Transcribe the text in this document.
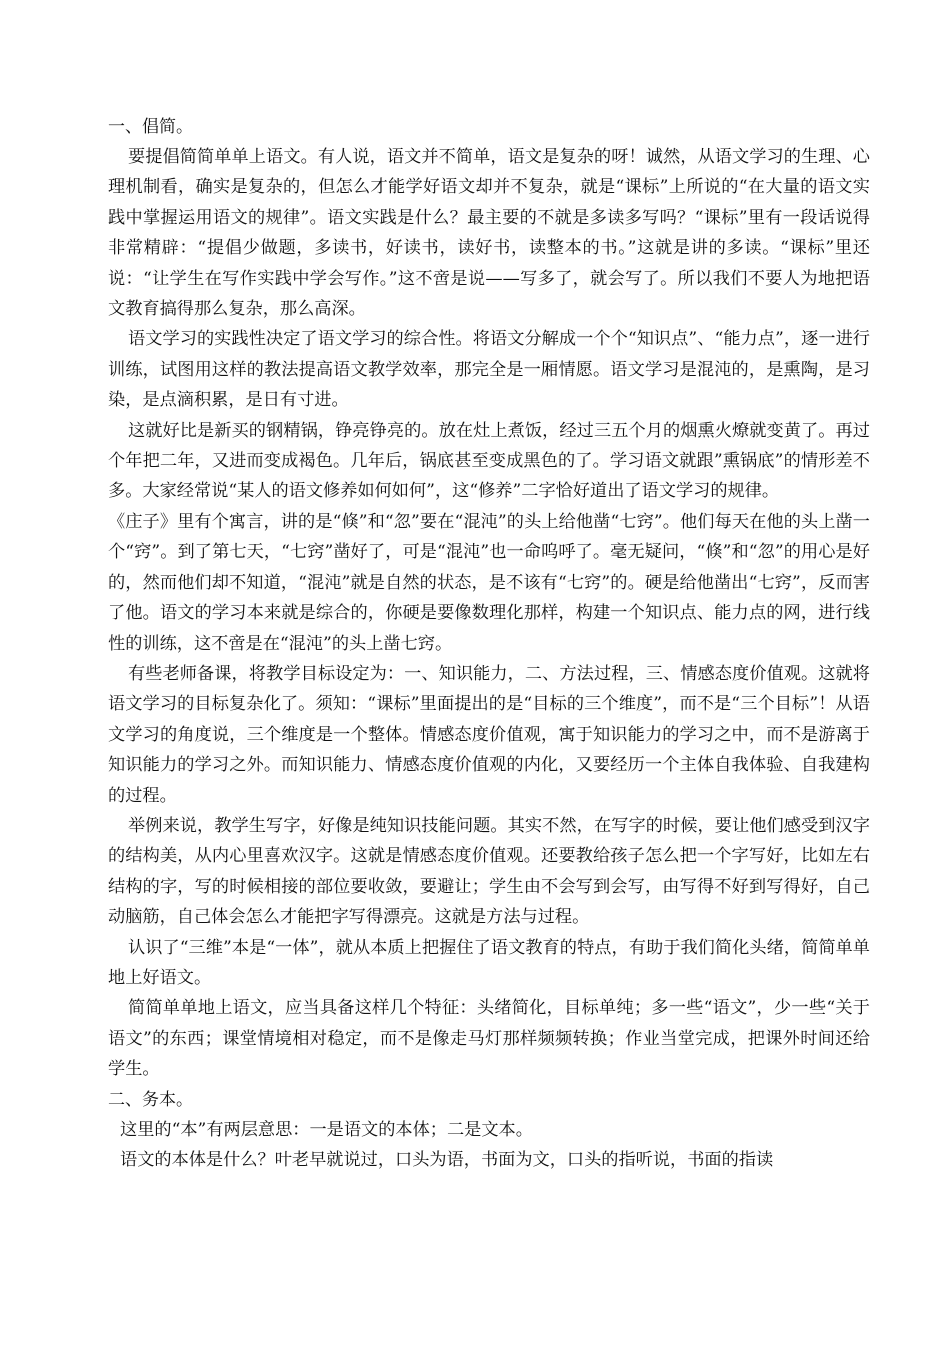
一、倡简。

要提倡简简单单上语文。有人说，语文并不简单，语文是复杂的呀！诚然，从语文学习的生理、心理机制看，确实是复杂的，但怎么才能学好语文却并不复杂，就是“课标”上所说的“在大量的语文实践中掌握运用语文的规律”。语文实践是什么？最主要的不就是多读多写吗？“课标”里有一段话说得非常精辟：“提倡少做题，多读书，好读书，读好书，读整本的书。”这就是讲的多读。“课标”里还说：“让学生在写作实践中学会写作。”这不啻是说——写多了，就会写了。所以我们不要人为地把语文教育搞得那么复杂，那么高深。

语文学习的实践性决定了语文学习的综合性。将语文分解成一个个“知识点”、“能力点”，逐一进行训练，试图用这样的教法提高语文教学效率，那完全是一厢情愿。语文学习是混沌的，是熏陶，是习染，是点滴积累，是日有寸进。

这就好比是新买的钢精锅，铮亮铮亮的。放在灶上煮饭，经过三五个月的烟熏火燎就变黄了。再过个年把二年，又进而变成褐色。几年后，锅底甚至变成黑色的了。学习语文就跟”熏锅底”的情形差不多。大家经常说“某人的语文修养如何如何”，这“修养”二字恰好道出了语文学习的规律。

《庄子》里有个寓言，讲的是“倏”和“忽”要在“混沌”的头上给他凿“七窍”。他们每天在他的头上凿一个“窍”。到了第七天，“七窍”凿好了，可是“混沌”也一命呜呼了。毫无疑问，“倏”和“忽”的用心是好的，然而他们却不知道，“混沌”就是自然的状态，是不该有“七窍”的。硬是给他凿出“七窍”，反而害了他。语文的学习本来就是综合的，你硬是要像数理化那样，构建一个知识点、能力点的网，进行线性的训练，这不啻是在“混沌”的头上凿七窍。

有些老师备课，将教学目标设定为：一、知识能力，二、方法过程，三、情感态度价值观。这就将语文学习的目标复杂化了。须知：“课标”里面提出的是“目标的三个维度”，而不是“三个目标”！从语文学习的角度说，三个维度是一个整体。情感态度价值观，寓于知识能力的学习之中，而不是游离于知识能力的学习之外。而知识能力、情感态度价值观的内化，又要经历一个主体自我体验、自我建构的过程。

举例来说，教学生写字，好像是纯知识技能问题。其实不然，在写字的时候，要让他们感受到汉字的结构美，从内心里喜欢汉字。这就是情感态度价值观。还要教给孩子怎么把一个字写好，比如左右结构的字，写的时候相接的部位要收敛，要避让；学生由不会写到会写，由写得不好到写得好，自己动脑筋，自己体会怎么才能把字写得漂亮。这就是方法与过程。

认识了“三维”本是“一体”，就从本质上把握住了语文教育的特点，有助于我们简化头绪，简简单单地上好语文。

简简单单地上语文，应当具备这样几个特征：头绪简化，目标单纯；多一些“语文”，少一些“关于语文”的东西；课堂情境相对稳定，而不是像走马灯那样频频转换；作业当堂完成，把课外时间还给学生。

二、务本。

这里的“本”有两层意思：一是语文的本体；二是文本。

语文的本体是什么？叶老早就说过，口头为语，书面为文，口头的指听说，书面的指读
